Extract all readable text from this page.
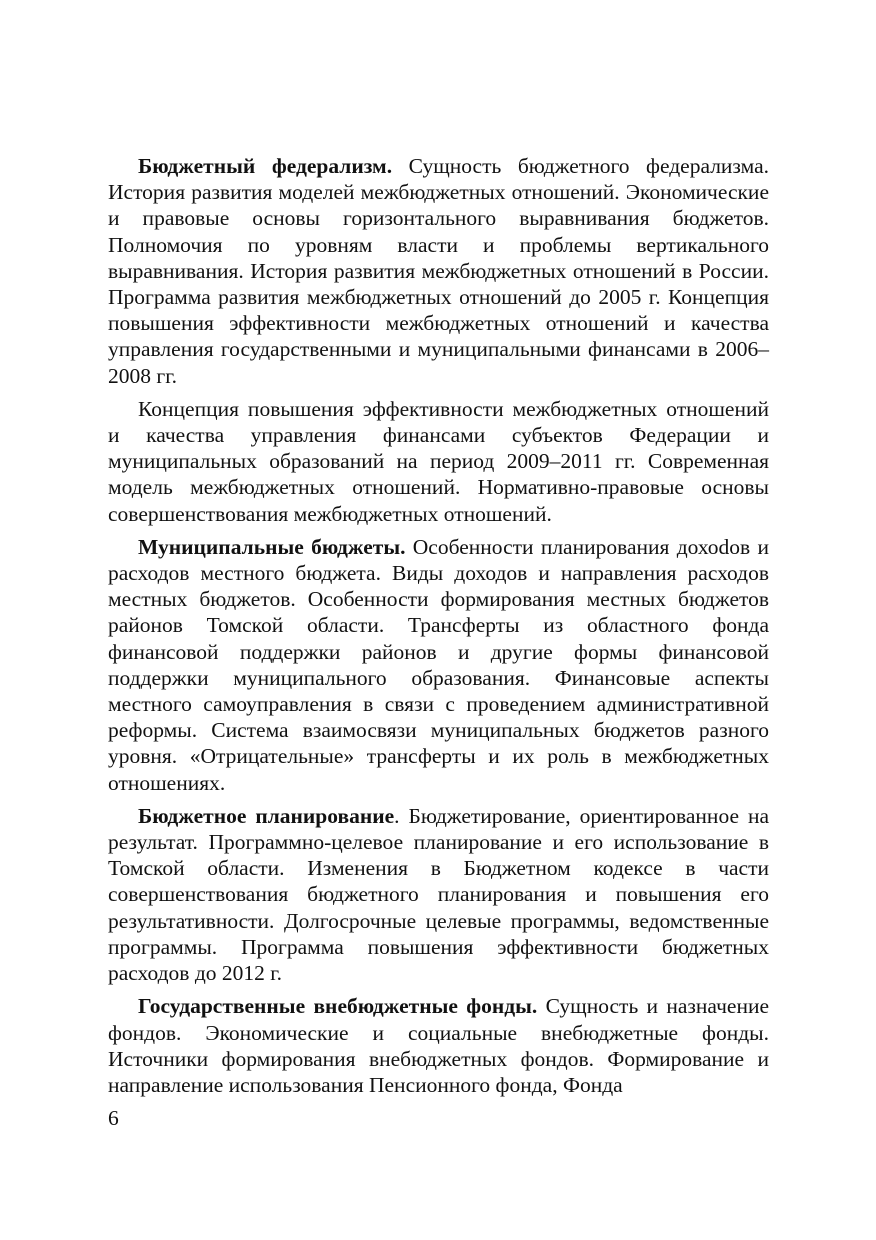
Бюджетный федерализм. Сущность бюджетного федерализма. История развития моделей межбюджетных отношений. Экономические и правовые основы горизонтального выравнивания бюджетов. Полномочия по уровням власти и проблемы вертикального выравнивания. История развития межбюджетных отношений в России. Программа развития межбюджетных отношений до 2005 г. Концепция повышения эффективности межбюджетных отношений и качества управления государственными и муниципальными финансами в 2006–2008 гг.

Концепция повышения эффективности межбюджетных отношений и качества управления финансами субъектов Федерации и муниципальных образований на период 2009–2011 гг. Современная модель межбюджетных отношений. Нормативно-правовые основы совершенствования межбюджетных отношений.

Муниципальные бюджеты. Особенности планирования дохоdов и расходов местного бюджета. Виды доходов и направления расходов местных бюджетов. Особенности формирования местных бюджетов районов Томской области. Трансферты из областного фонда финансовой поддержки районов и другие формы финансовой поддержки муниципального образования. Финансовые аспекты местного самоуправления в связи с проведением административной реформы. Система взаимосвязи муниципальных бюджетов разного уровня. «Отрицательные» трансферты и их роль в межбюджетных отношениях.

Бюджетное планирование. Бюджетирование, ориентированное на результат. Программно-целевое планирование и его использование в Томской области. Изменения в Бюджетном кодексе в части совершенствования бюджетного планирования и повышения его результативности. Долгосрочные целевые программы, ведомственные программы. Программа повышения эффективности бюджетных расходов до 2012 г.

Государственные внебюджетные фонды. Сущность и назначение фондов. Экономические и социальные внебюджетные фонды. Источники формирования внебюджетных фондов. Формирование и направление использования Пенсионного фонда, Фонда

6
